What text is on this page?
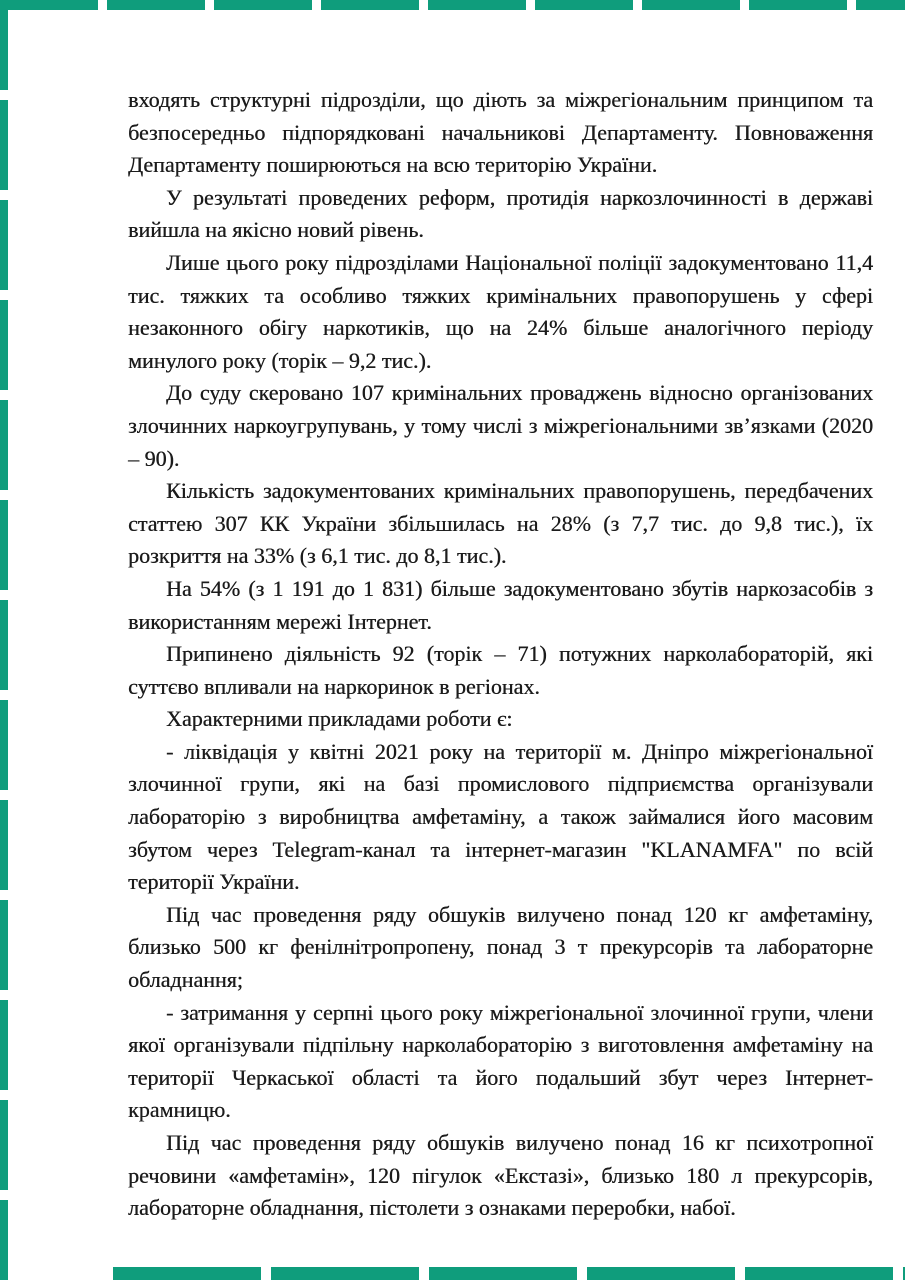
входять структурні підрозділи, що діють за міжрегіональним принципом та безпосередньо підпорядковані начальникові Департаменту. Повноваження Департаменту поширюються на всю територію України.

У результаті проведених реформ, протидія наркозлочинності в державі вийшла на якісно новий рівень.

Лише цього року підрозділами Національної поліції задокументовано 11,4 тис. тяжких та особливо тяжких кримінальних правопорушень у сфері незаконного обігу наркотиків, що на 24% більше аналогічного періоду минулого року (торік – 9,2 тис.).

До суду скеровано 107 кримінальних проваджень відносно організованих злочинних наркоугрупувань, у тому числі з міжрегіональними зв’язками (2020 – 90).

Кількість задокументованих кримінальних правопорушень, передбачених статтею 307 КК України збільшилась на 28% (з 7,7 тис. до 9,8 тис.), їх розкриття на 33% (з 6,1 тис. до 8,1 тис.).

На 54% (з 1 191 до 1 831) більше задокументовано збутів наркозасобів з використанням мережі Інтернет.

Припинено діяльність 92 (торік – 71) потужних нарколабораторій, які суттєво впливали на наркоринок в регіонах.

Характерними прикладами роботи є:

- ліквідація у квітні 2021 року на території м. Дніпро міжрегіональної злочинної групи, які на базі промислового підприємства організували лабораторію з виробництва амфетаміну, а також займалися його масовим збутом через Telegram-канал та інтернет-магазин "KLANAMFA" по всій території України.

Під час проведення ряду обшуків вилучено понад 120 кг амфетаміну, близько 500 кг фенілнітропропену, понад 3 т прекурсорів та лабораторне обладнання;

- затримання у серпні цього року міжрегіональної злочинної групи, члени якої організували підпільну нарколабораторію з виготовлення амфетаміну на території Черкаської області та його подальший збут через Інтернет-крамницю.

Під час проведення ряду обшуків вилучено понад 16 кг психотропної речовини «амфетамін», 120 пігулок «Екстазі», близько 180 л прекурсорів, лабораторне обладнання, пістолети з ознаками переробки, набої.
